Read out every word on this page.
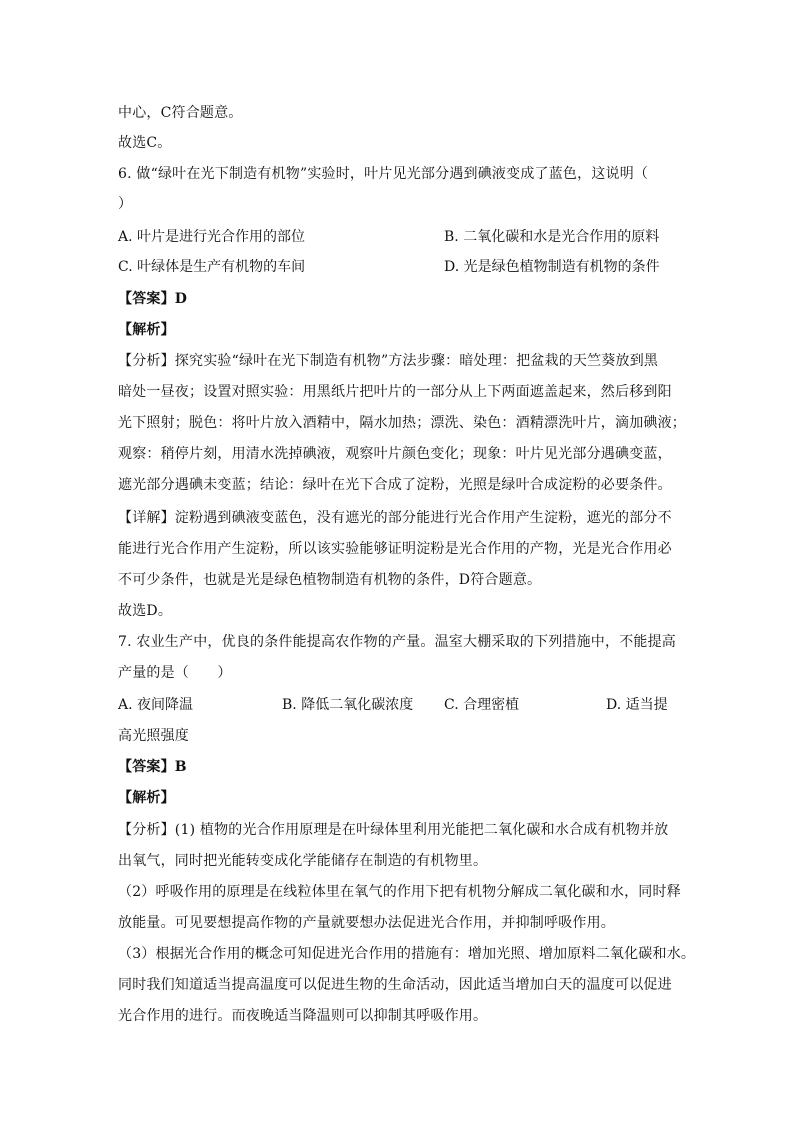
中心，C符合题意。
故选C。
6. 做“绿叶在光下制造有机物”实验时，叶片见光部分遇到碘液变成了蓝色，这说明（
）
A. 叶片是进行光合作用的部位	B. 二氧化碳和水是光合作用的原料
C. 叶绿体是生产有机物的车间	D. 光是绿色植物制造有机物的条件
【答案】D
【解析】
【分析】探究实验“绿叶在光下制造有机物”方法步骤：暗处理：把盆栽的天竺葵放到黑
暗处一昼夜；设置对照实验：用黑纸片把叶片的一部分从上下两面遮盖起来，然后移到阳
光下照射；脱色：将叶片放入酒精中，隔水加热；漂洗、染色：酒精漂洗叶片，滴加碘液；
观察：稍停片刻，用清水洗掉碘液，观察叶片颜色变化；现象：叶片见光部分遇碘变蓝，
遮光部分遇碘未变蓝；结论：绿叶在光下合成了淀粉，光照是绿叶合成淀粉的必要条件。
【详解】淀粉遇到碘液变蓝色，没有遮光的部分能进行光合作用产生淀粉，遮光的部分不
能进行光合作用产生淀粉，所以该实验能够证明淀粉是光合作用的产物，光是光合作用必
不可少条件，也就是光是绿色植物制造有机物的条件，D符合题意。
故选D。
7. 农业生产中，优良的条件能提高农作物的产量。温室大棚采取的下列措施中，不能提高
产量的是（　　）
A. 夜间降温	B. 降低二氧化碳浓度 C. 合理密植	D. 适当提
高光照强度
【答案】B
【解析】
【分析】(1) 植物的光合作用原理是在叶绿体里利用光能把二氧化碳和水合成有机物并放
出氧气，同时把光能转变成化学能储存在制造的有机物里。
（2）呼吸作用的原理是在线粒体里在氧气的作用下把有机物分解成二氧化碳和水，同时释
放能量。可见要想提高作物的产量就要想办法促进光合作用，并抑制呼吸作用。
（3）根据光合作用的概念可知促进光合作用的措施有：增加光照、增加原料二氧化碳和水。
同时我们知道适当提高温度可以促进生物的生命活动，因此适当增加白天的温度可以促进
光合作用的进行。而夜晚适当降温则可以抑制其呼吸作用。
